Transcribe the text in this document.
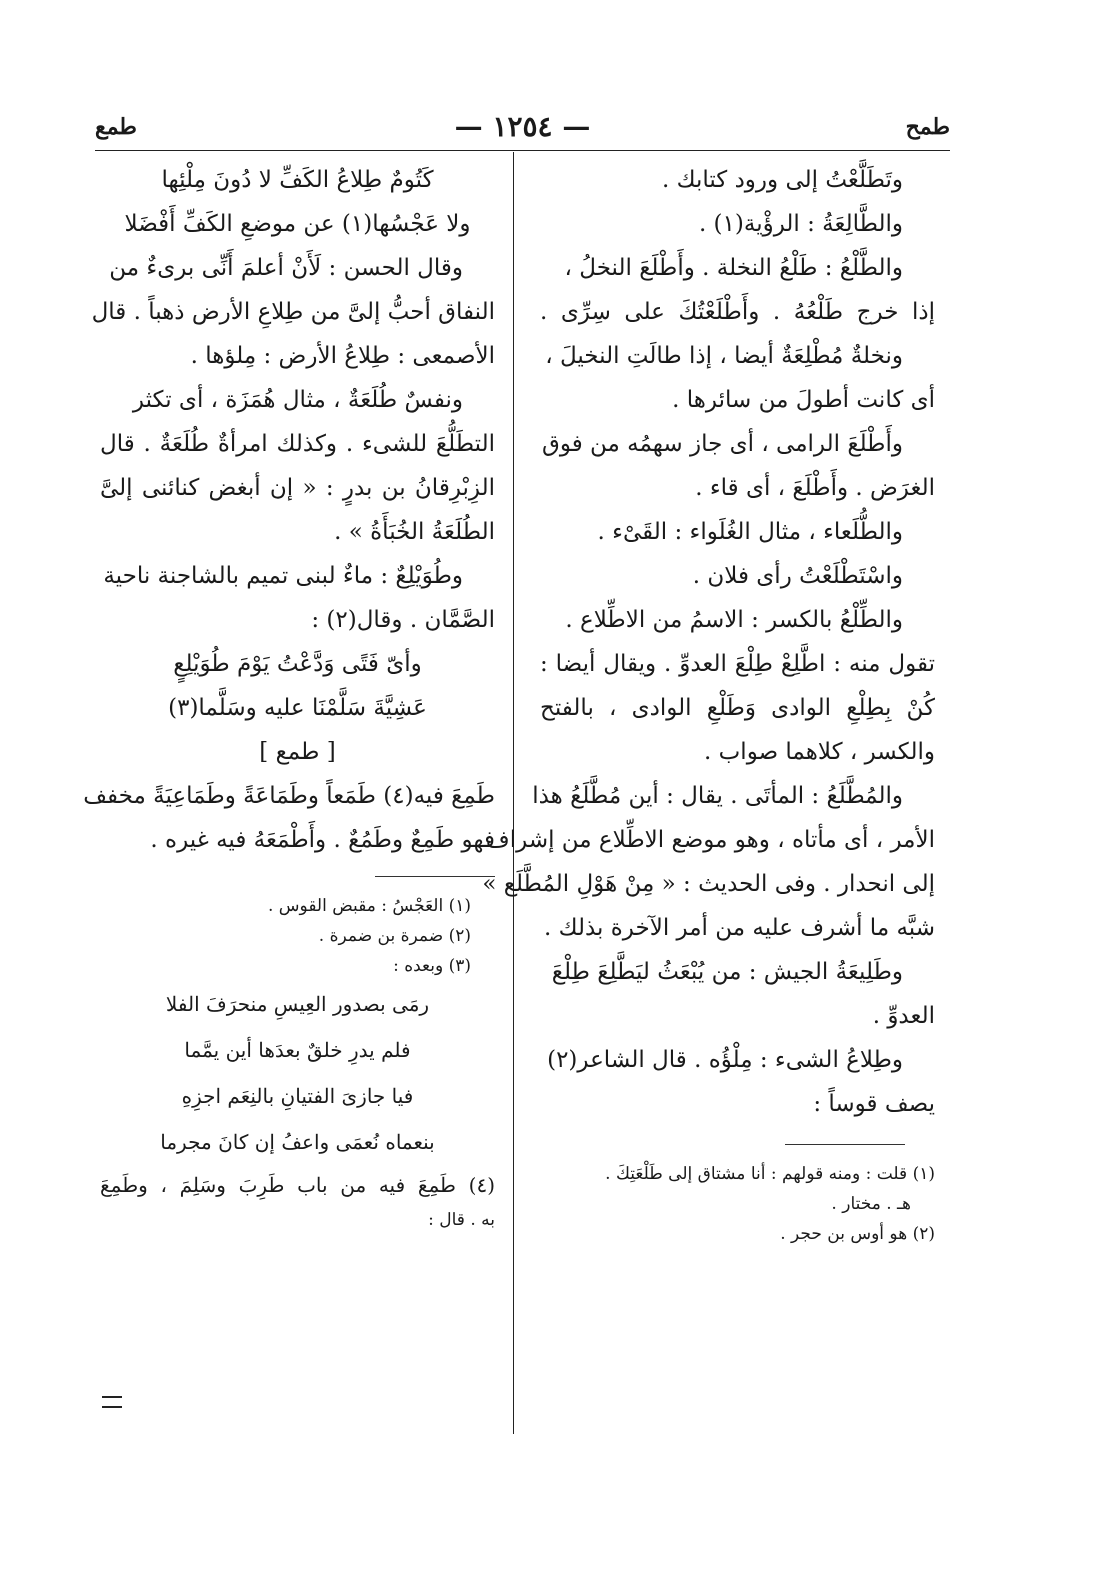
طمح
— ١٢٥٤ —
طمع
وتَطَلَّعْتُ إلى ورود كتابك .
والطَّالِعَةُ : الرؤْية(١) .
والطَّلْعُ : طَلْعُ النخلة . وأَطْلَعَ النخلُ ،
إذا خرج طَلْعُهُ . وأَطْلَعْتُكَ على سِرِّى .
ونخلةٌ مُطْلِعَةٌ أيضا ، إذا طالَتِ النخيلَ ،
أى كانت أطولَ من سائرها .
وأَطْلَعَ الرامى ، أى جاز سهمُه من فوق
الغرَض . وأَطْلَعَ ، أى قاء .
والطُّلَعاء ، مثال الغُلَواء : القَىْء .
واسْتَطْلَعْتُ رأى فلان .
والطِّلْعُ بالكسر : الاسمُ من الاطِّلاع .
تقول منه : اطَّلِعْ طِلْعَ العدوِّ . ويقال أيضا :
كُنْ بِطِلْعِ الوادى وَطَلْعِ الوادى ، بالفتح
والكسر ، كلاهما صواب .
والمُطَّلَعُ : المأتَى . يقال : أين مُطَّلَعُ هذا
الأمر ، أى مأتاه ، وهو موضع الاطِّلاع من إشراف
إلى انحدار . وفى الحديث : « مِنْ هَوْلِ المُطَّلَع »
شبَّه ما أشرف عليه من أمر الآخرة بذلك .
وطَلِيعَةُ الجيش : من يُبْعَثُ ليَطَّلِعَ طِلْعَ
العدوِّ .
وطِلاعُ الشىء : مِلْؤُه . قال الشاعر(٢)
يصف قوساً :
(١) قلت : ومنه قولهم : أنا مشتاق إلى طَلْعَتِكَ .
هـ . مختار .
(٢) هو أوس بن حجر .
كَتُومٌ طِلاعُ الكَفِّ لا دُونَ مِلْئِها
ولا عَجْسُها(١) عن موضعِ الكَفِّ أَفْضَلا
وقال الحسن : لَأَنْ أعلمَ أَنِّى برىءٌ من
النفاق أحبُّ إلىَّ من طِلاعِ الأرض ذهباً . قال
الأصمعى : طِلاعُ الأرض : مِلؤها .
ونفسٌ طُلَعَةٌ ، مثال هُمَزَة ، أى تكثر
التطَلُّعَ للشىء . وكذلك امرأةٌ طُلَعَةٌ . قال
الزِبْرِقانُ بن بدرٍ : « إن أبغض كنائنى إلىَّ
الطُلَعَةُ الخُبَأَةُ » .
وطُوَيْلِعٌ : ماءٌ لبنى تميم بالشاجنة ناحية
الصَّمَّان . وقال(٢) :
وأىّ فَتًى وَدَّعْتُ يَوْمَ طُوَيْلِعٍ
عَشِيَّةَ سَلَّمْنَا عليه وسَلَّما(٣)
[ طمع ]
طَمِعَ فيه(٤) طَمَعاً وطَمَاعَةً وطَمَاعِيَةً مخفف
فهو طَمِعٌ وطَمُعٌ . وأَطْمَعَهُ فيه غيره .
(١) العَجْسُ : مقبض القوس .
(٢) ضمرة بن ضمرة .
(٣) وبعده :
رمَى بصدور العِيسِ منحرَفَ الفلا
فلم يدرِ خلقٌ بعدَها أين يمَّما
فيا جازىَ الفتيانِ بالنِعَم اجزِهِ
بنعماه نُعمَى واعفُ إن كانَ مجرما
(٤) طَمِعَ فيه من باب طَرِبَ وسَلِمَ ، وطَمِعَ
به . قال :
